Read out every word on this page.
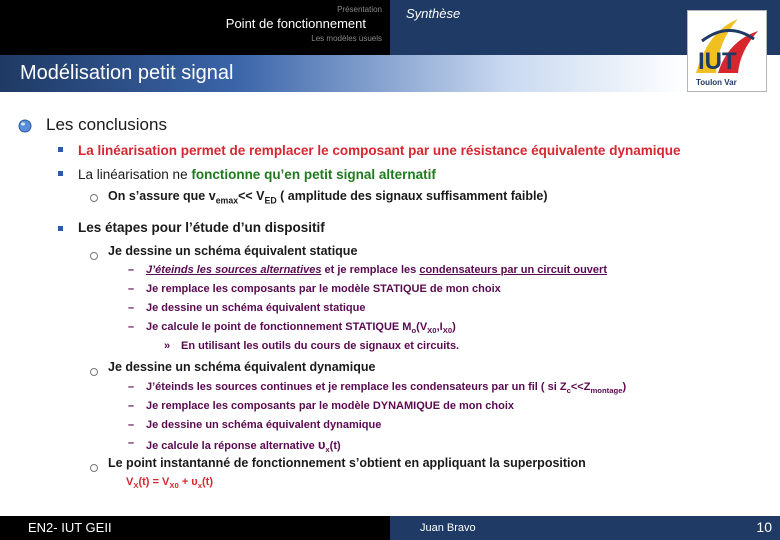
Présentation
Point de fonctionnement
Les modèles usuels
Synthèse
Modélisation petit signal	IUT
Toulon Var
Les conclusions
La linéarisation permet de remplacer le composant par une résistance équivalente dynamique
La linéarisation ne fonctionne qu’en petit signal alternatif
On s’assure que $v_{emax}<< V_{ED}$ ( amplitude des signaux suffisamment faible)
Les étapes pour l’étude d’un dispositif
Je dessine un schéma équivalent statique
– J’éteinds les sources alternatives et je remplace les condensateurs par un circuit ouvert
– Je remplace les composants par le modèle STATIQUE de mon choix
– Je dessine un schéma équivalent statique
– Je calcule le point de fonctionnement STATIQUE $M_o(V_{X0},I_{X0})$
» En utilisant les outils du cours de signaux et circuits.
Je dessine un schéma équivalent dynamique
– J’éteinds les sources continues et je remplace les condensateurs par un fil ( si $Z_c<<Z_{montage}$)
– Je remplace les composants par le modèle DYNAMIQUE de mon choix
– Je dessine un schéma équivalent dynamique
– Je calcule la réponse alternative $\upsilon_x(t)$
Le point instantanné de fonctionnement s’obtient en appliquant la superposition
$V_X(t) = V_{X0} + \upsilon_x(t)$
EN2- IUT GEII	Juan Bravo	10
